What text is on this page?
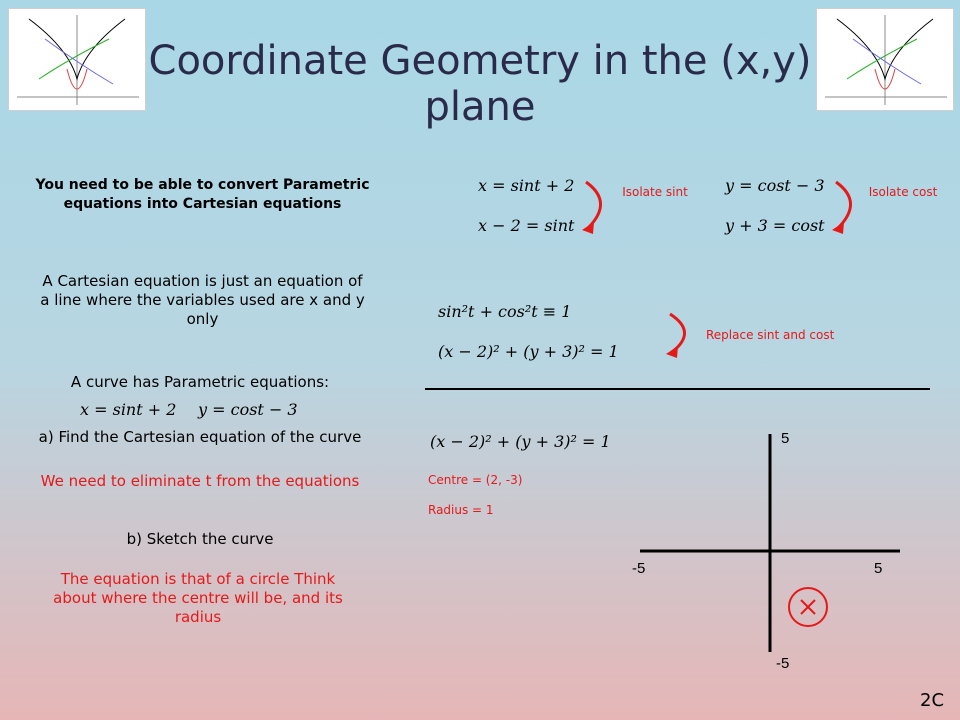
Coordinate Geometry in the (x,y) plane
You need to be able to convert Parametric equations into Cartesian equations
A Cartesian equation is just an equation of a line where the variables used are x and y only
A curve has Parametric equations:
x = sint + 2 y = cost − 3
a) Find the Cartesian equation of the curve
We need to eliminate t from the equations
b) Sketch the curve
The equation is that of a circle Think about where the centre will be, and its radius
x = sint + 2
x − 2 = sint
Isolate sint y = cost − 3
y + 3 = cost
Isolate cost
sin²t + cos²t ≡ 1
(x − 2)² + (y + 3)² = 1
Replace sint and cost
(x − 2)² + (y + 3)² = 1
Centre = (2, -3)
Radius = 1
5
-5
-5	5
2C
